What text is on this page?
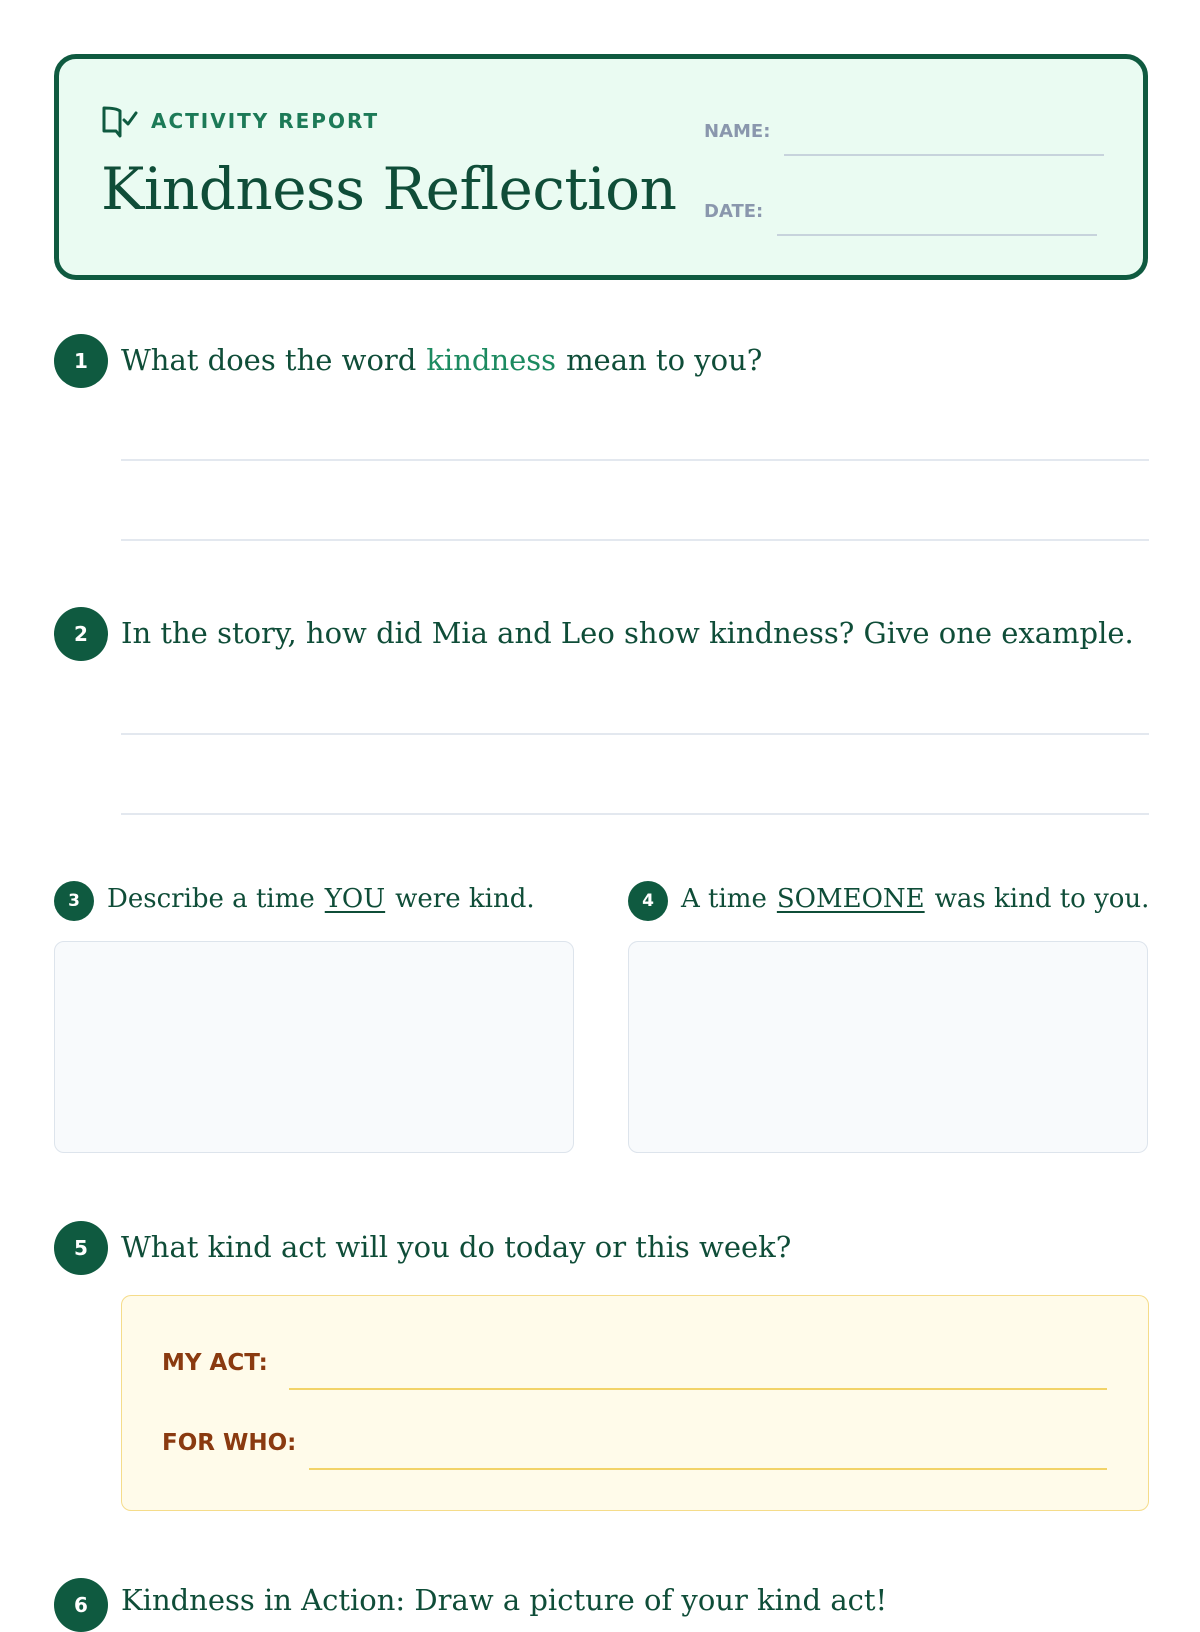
ACTIVITY REPORT
Kindness Reflection
NAME:
DATE:
1	What does the word kindness mean to you?
2	In the story, how did Mia and Leo show kindness? Give one example.
3	Describe a time YOU were kind.	4	A time SOMEONE was kind to you.
5	What kind act will you do today or this week?
MY ACT:
FOR WHO:
6	Kindness in Action: Draw a picture of your kind act!
